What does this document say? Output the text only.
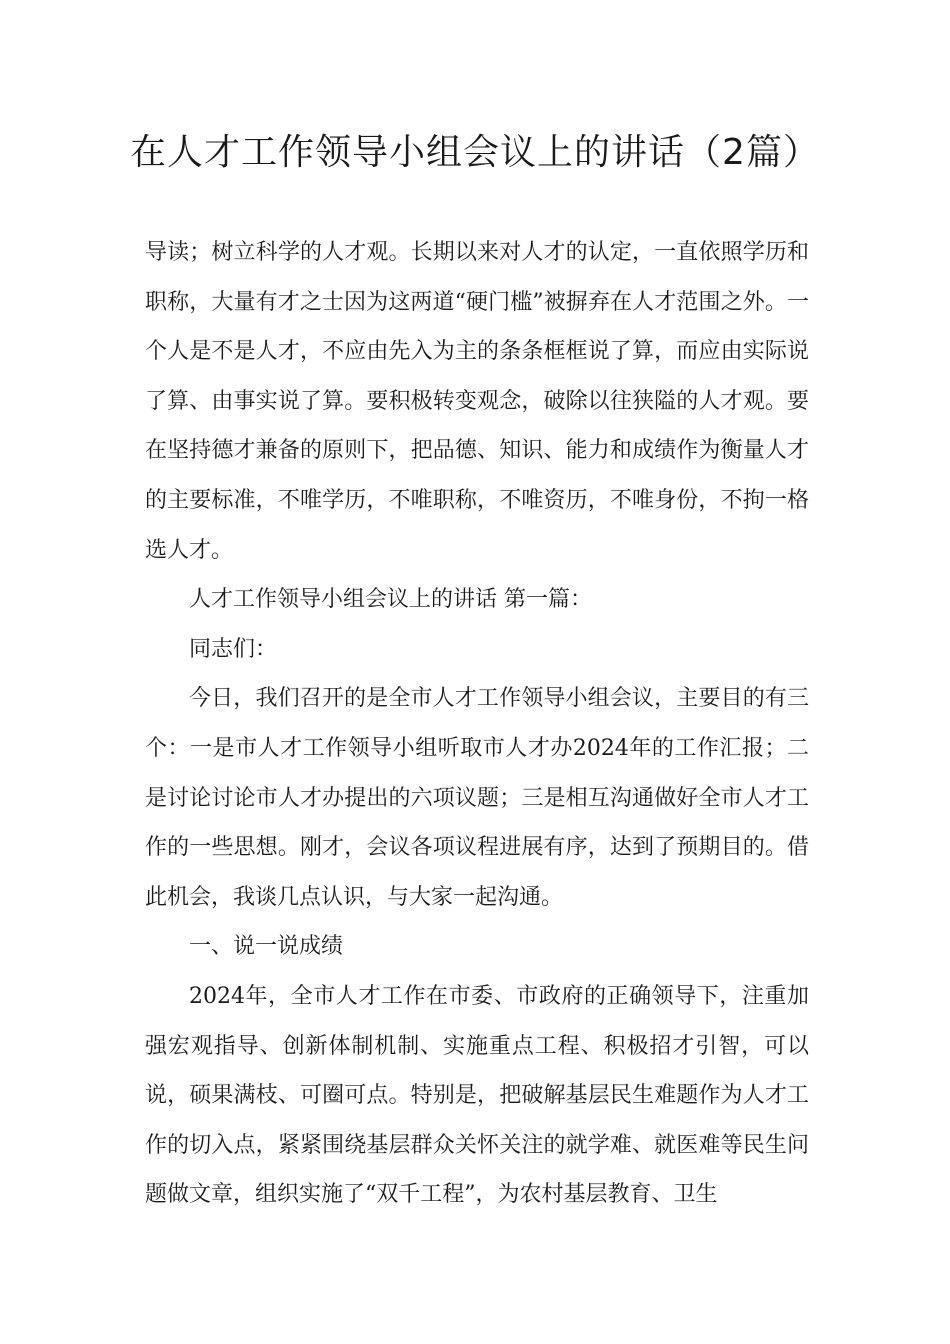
在人才工作领导小组会议上的讲话（2篇）

导读；树立科学的人才观。长期以来对人才的认定，一直依照学历和职称，大量有才之士因为这两道“硬门槛”被摒弃在人才范围之外。一个人是不是人才，不应由先入为主的条条框框说了算，而应由实际说了算、由事实说了算。要积极转变观念，破除以往狭隘的人才观。要在坚持德才兼备的原则下，把品德、知识、能力和成绩作为衡量人才的主要标准，不唯学历，不唯职称，不唯资历，不唯身份，不拘一格选人才。

人才工作领导小组会议上的讲话 第一篇：

同志们：

今日，我们召开的是全市人才工作领导小组会议，主要目的有三个：一是市人才工作领导小组听取市人才办2024年的工作汇报；二是讨论讨论市人才办提出的六项议题；三是相互沟通做好全市人才工作的一些思想。刚才，会议各项议程进展有序，达到了预期目的。借此机会，我谈几点认识，与大家一起沟通。

一、说一说成绩

2024年，全市人才工作在市委、市政府的正确领导下，注重加强宏观指导、创新体制机制、实施重点工程、积极招才引智，可以说，硕果满枝、可圈可点。特别是，把破解基层民生难题作为人才工作的切入点，紧紧围绕基层群众关怀关注的就学难、就医难等民生问题做文章，组织实施了“双千工程”，为农村基层教育、卫生
